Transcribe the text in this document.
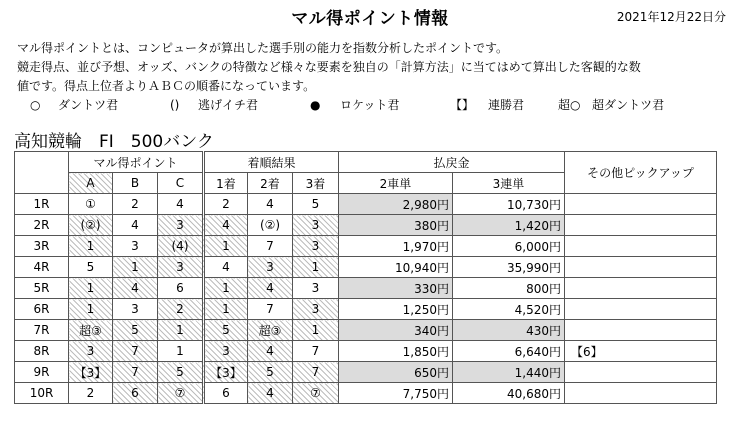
マル得ポイント情報	2021年12月22日分

マル得ポイントとは、コンピュータが算出した選手別の能力を指数分析したポイントです。

競走得点、並び予想、オッズ、バンクの特徴など様々な要素を独自の「計算方法」に当てはめて算出した客観的な数

値です。得点上位者よりＡＢＣの順番になっています。

○ ダントツ君	() 逃げイチ君	● ロケット君	【】 連勝君	超○ 超ダントツ君
高知競輪　FI　500バンク
	マル得ポイント			着順結果			払戻金		その他ピックアップ
	A	B	C	1着	2着	3着	2車単	3連単	
1R	①	2	4	2	4	5	2,980円	10,730円	
2R	(②)	4	3	4	(②)	3	380円	1,420円	
3R	1	3	(4)	1	7	3	1,970円	6,000円	
4R	5	1	3	4	3	1	10,940円	35,990円	
5R	1	4	6	1	4	3	330円	800円	
6R	1	3	2	1	7	3	1,250円	4,520円	
7R	超③	5	1	5	超③	1	340円	430円	
8R	3	7	1	3	4	7	1,850円	6,640円	【6】
9R	【3】	7	5	【3】	5	7	650円	1,440円	
10R	2	6	⑦	6	4	⑦	7,750円	40,680円	
